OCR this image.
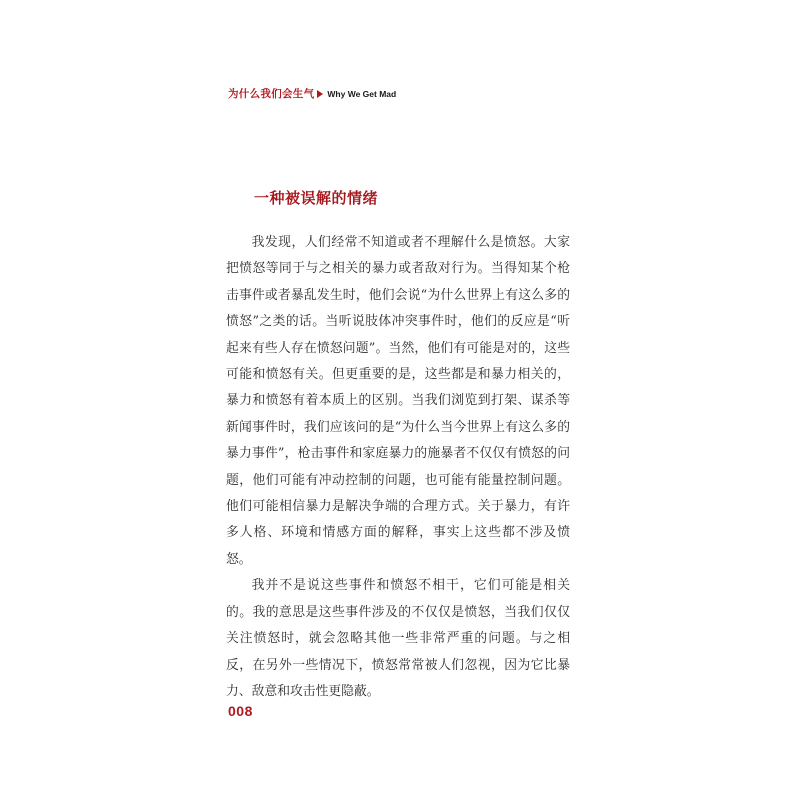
为什么我们会生气 Why We Get Mad
一种被误解的情绪

我发现，人们经常不知道或者不理解什么是愤怒。大家把愤怒等同于与之相关的暴力或者敌对行为。当得知某个枪击事件或者暴乱发生时，他们会说“为什么世界上有这么多的愤怒”之类的话。当听说肢体冲突事件时，他们的反应是“听起来有些人存在愤怒问题”。当然，他们有可能是对的，这些可能和愤怒有关。但更重要的是，这些都是和暴力相关的，暴力和愤怒有着本质上的区别。当我们浏览到打架、谋杀等新闻事件时，我们应该问的是“为什么当今世界上有这么多的暴力事件”，枪击事件和家庭暴力的施暴者不仅仅有愤怒的问题，他们可能有冲动控制的问题，也可能有能量控制问题。他们可能相信暴力是解决争端的合理方式。关于暴力，有许多人格、环境和情感方面的解释，事实上这些都不涉及愤怒。

我并不是说这些事件和愤怒不相干，它们可能是相关的。我的意思是这些事件涉及的不仅仅是愤怒，当我们仅仅关注愤怒时，就会忽略其他一些非常严重的问题。与之相反，在另外一些情况下，愤怒常常被人们忽视，因为它比暴力、敌意和攻击性更隐蔽。

008
